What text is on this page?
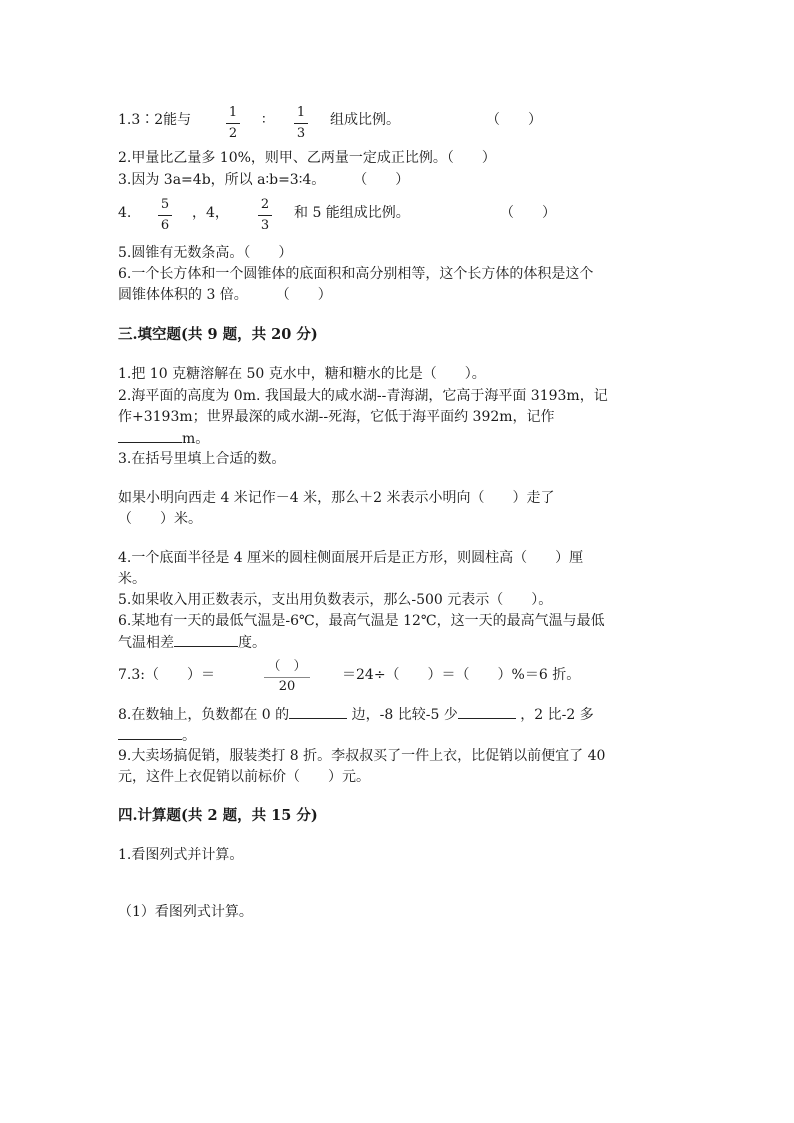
1.3∶2能与	1
2
∶ 1
3
组成比例。	（　　）
2.甲量比乙量多 10%，则甲、乙两量一定成正比例。（　　）
3.因为 3a=4b，所以 a∶b=3∶4。　　　（　　）
4.
5
6
，4，
2
3
和 5 能组成比例。	（　　）
5.圆锥有无数条高。（　　）
6.一个长方体和一个圆锥体的底面积和高分别相等，这个长方体的体积是这个
圆锥体体积的 3 倍。　　　（　　）
三.填空题(共 9 题，共 20 分)
1.把 10 克糖溶解在 50 克水中，糖和糖水的比是（　　）。
2.海平面的高度为 0m. 我国最大的咸水湖--青海湖，它高于海平面 3193m，记
作+3193m；世界最深的咸水湖--死海，它低于海平面约 392m，记作
m。
3.在括号里填上合适的数。
如果小明向西走 4 米记作－4 米，那么＋2 米表示小明向（　　）走了
（　　）米。
4.一个底面半径是 4 厘米的圆柱侧面展开后是正方形，则圆柱高（　　）厘
米。
5.如果收入用正数表示，支出用负数表示，那么-500 元表示（　　）。
6.某地有一天的最低气温是-6℃，最高气温是 12℃，这一天的最高气温与最低
气温相差	度。
7.3:（　　）＝
（　）
20
＝24÷（　　）＝（　　）%＝6 折。
8.在数轴上，负数都在 0 的	边，-8 比较-5 少	，2 比-2 多
。
9.大卖场搞促销，服装类打 8 折。李叔叔买了一件上衣，比促销以前便宜了 40
元，这件上衣促销以前标价（　　）元。
四.计算题(共 2 题，共 15 分)
1.看图列式并计算。
（1）看图列式计算。
